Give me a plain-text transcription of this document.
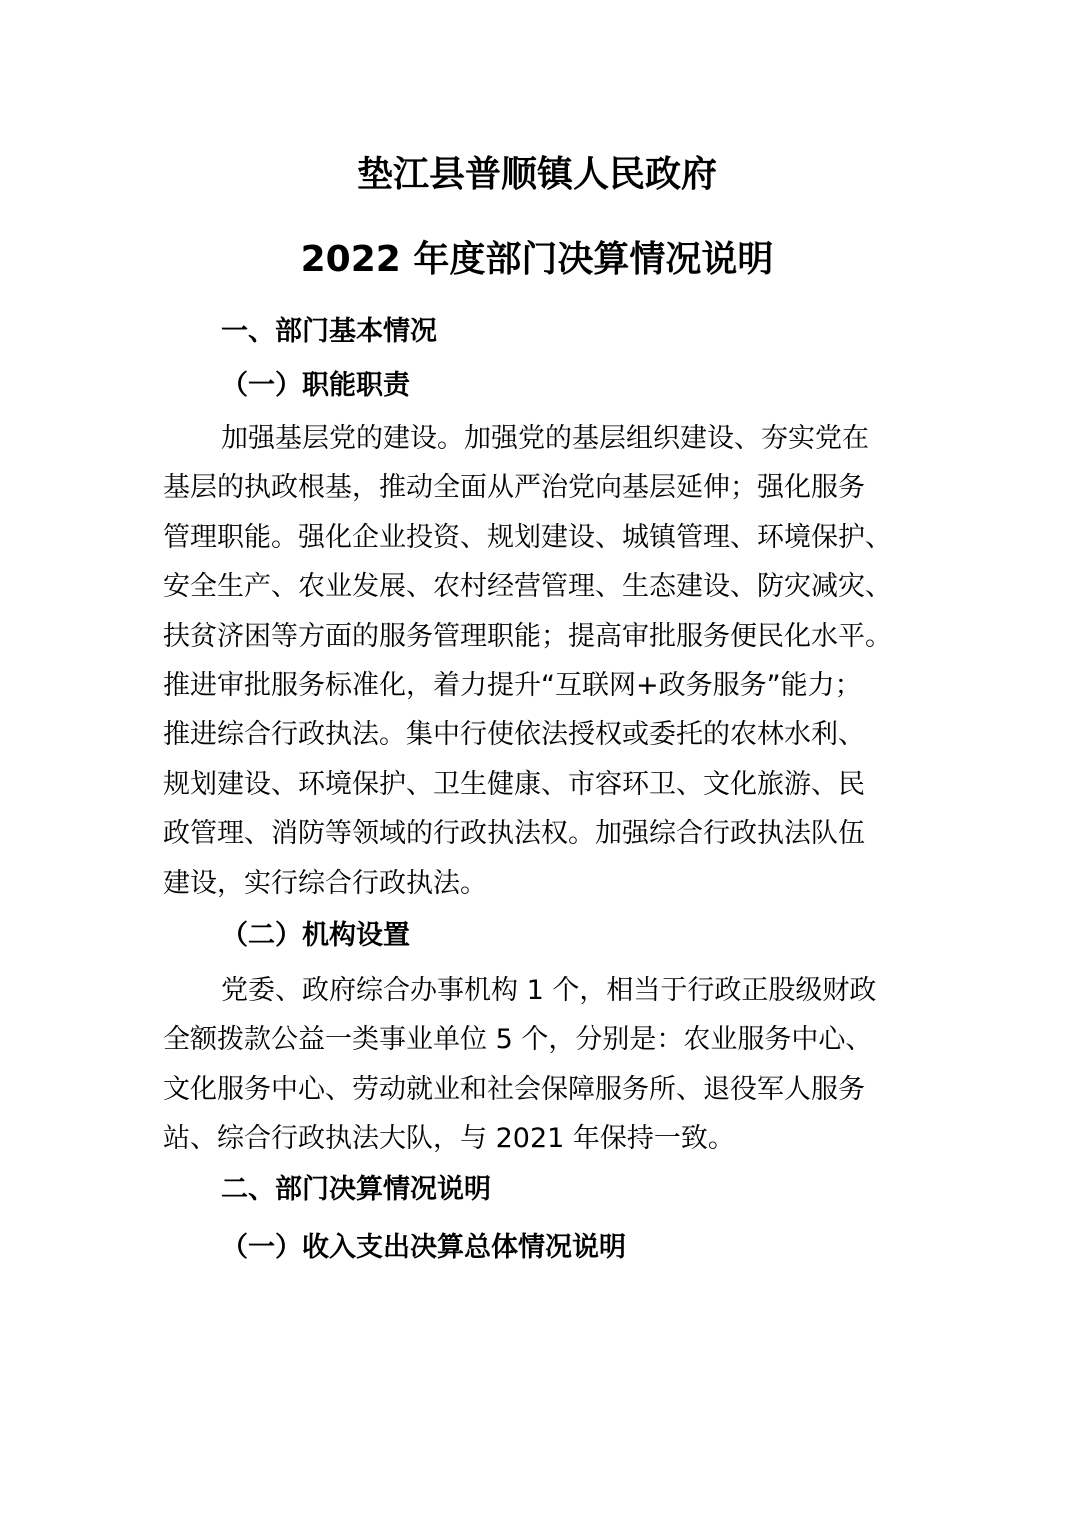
垫江县普顺镇人民政府
2022 年度部门决算情况说明
一、部门基本情况
（一）职能职责
加强基层党的建设。加强党的基层组织建设、夯实党在
基层的执政根基，推动全面从严治党向基层延伸；强化服务
管理职能。强化企业投资、规划建设、城镇管理、环境保护、
安全生产、农业发展、农村经营管理、生态建设、防灾减灾、
扶贫济困等方面的服务管理职能；提高审批服务便民化水平。
推进审批服务标准化，着力提升“互联网+政务服务”能力；
推进综合行政执法。集中行使依法授权或委托的农林水利、
规划建设、环境保护、卫生健康、市容环卫、文化旅游、民
政管理、消防等领域的行政执法权。加强综合行政执法队伍
建设，实行综合行政执法。
（二）机构设置
党委、政府综合办事机构 1 个，相当于行政正股级财政
全额拨款公益一类事业单位 5 个，分别是：农业服务中心、
文化服务中心、劳动就业和社会保障服务所、退役军人服务
站、综合行政执法大队，与 2021 年保持一致。
二、部门决算情况说明
（一）收入支出决算总体情况说明
